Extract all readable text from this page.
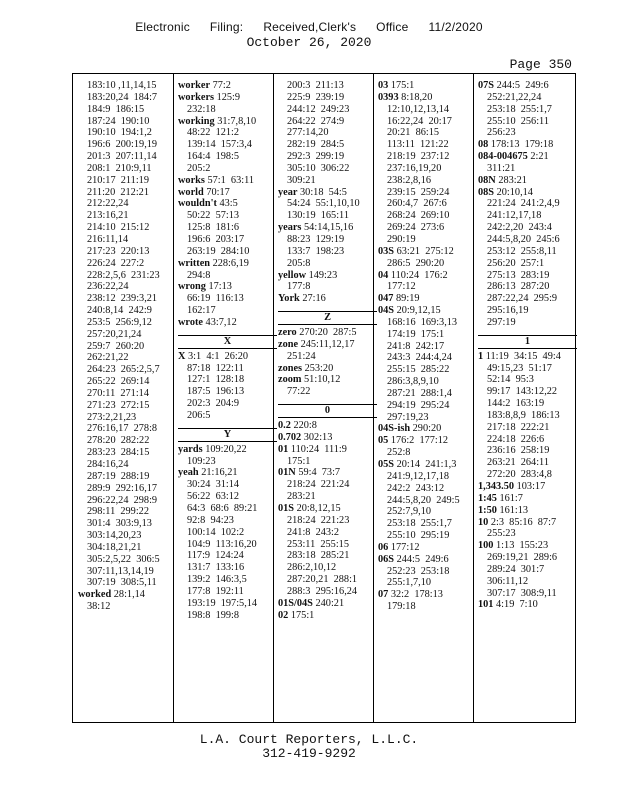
Electronic Filing: Received,Clerk's Office 11/2/2020
October 26, 2020
Page 350
183:10 ,11,14,15
183:20,24  184:7
184:9  186:15
187:24  190:10
190:10  194:1,2
196:6  200:19,19
201:3  207:11,14
208:1  210:9,11
210:17  211:19
211:20  212:21
212:22,24
213:16,21
214:10  215:12
216:11,14
217:23  220:13
226:24  227:2
228:2,5,6  231:23
236:22,24
238:12  239:3,21
240:8,14  242:9
253:5  256:9,12
257:20,21,24
259:7  260:20
262:21,22
264:23  265:2,5,7
265:22  269:14
270:11  271:14
271:23  272:15
273:2,21,23
276:16,17  278:8
278:20  282:22
283:23  284:15
284:16,24
287:19  288:19
289:9  292:16,17
296:22,24  298:9
298:11  299:22
301:4  303:9,13
303:14,20,23
304:18,21,21
305:2,5,22  306:5
307:11,13,14,19
307:19  308:5,11
worked 28:1,14
38:12
worker 77:2
workers 125:9
232:18
working 31:7,8,10
48:22  121:2
139:14  157:3,4
164:4  198:5
205:2
works 57:1  63:11
world 70:17
wouldn't 43:5
50:22  57:13
125:8  181:6
196:6  203:17
263:19  284:10
written 228:6,19
294:8
wrong 17:13
66:19  116:13
162:17
wrote 43:7,12
X
X 3:1  4:1  26:20
87:18  122:11
127:1  128:18
187:5  196:13
202:3  204:9
206:5
Y
yards 109:20,22
109:23
yeah 21:16,21
30:24  31:14
56:22  63:12
64:3  68:6  89:21
92:8  94:23
100:14  102:2
104:9  113:16,20
117:9  124:24
131:7  133:16
139:2  146:3,5
177:8  192:11
193:19  197:5,14
198:8  199:8
200:3  211:13
225:9  239:19
244:12  249:23
264:22  274:9
277:14,20
282:19  284:5
292:3  299:19
305:10  306:22
309:21
year 30:18  54:5
54:24  55:1,10,10
130:19  165:11
years 54:14,15,16
88:23  129:19
133:7  198:23
205:8
yellow 149:23
177:8
York 27:16
Z
zero 270:20  287:5
zone 245:11,12,17
251:24
zones 253:20
zoom 51:10,12
77:22
0
0.2 220:8
0.702 302:13
01 110:24  111:9
175:1
01N 59:4  73:7
218:24  221:24
283:21
01S 20:8,12,15
218:24  221:23
241:8  243:2
253:11  255:15
283:18  285:21
286:2,10,12
287:20,21  288:1
288:3  295:16,24
01S/04S 240:21
02 175:1
03 175:1
0393 8:18,20
12:10,12,13,14
16:22,24  20:17
20:21  86:15
113:11  121:22
218:19  237:12
237:16,19,20
238:2,8,16
239:15  259:24
260:4,7  267:6
268:24  269:10
269:24  273:6
290:19
03S 63:21  275:12
286:5  290:20
04 110:24  176:2
177:12
047 89:19
04S 20:9,12,15
168:16  169:3,13
174:19  175:1
241:8  242:17
243:3  244:4,24
255:15  285:22
286:3,8,9,10
287:21  288:1,4
294:19  295:24
297:19,23
04S-ish 290:20
05 176:2  177:12
252:8
05S 20:14  241:1,3
241:9,12,17,18
242:2  243:12
244:5,8,20  249:5
252:7,9,10
253:18  255:1,7
255:10  295:19
06 177:12
06S 244:5  249:6
252:23  253:18
255:1,7,10
07 32:2  178:13
179:18
07S 244:5  249:6
252:21,22,24
253:18  255:1,7
255:10  256:11
256:23
08 178:13  179:18
084-004675 2:21
311:21
08N 283:21
08S 20:10,14
221:24  241:2,4,9
241:12,17,18
242:2,20  243:4
244:5,8,20  245:6
253:12  255:8,11
256:20  257:1
275:13  283:19
286:13  287:20
287:22,24  295:9
295:16,19
297:19
1
1 11:19  34:15  49:4
49:15,23  51:17
52:14  95:3
99:17  143:12,22
144:2  163:19
183:8,8,9  186:13
217:18  222:21
224:18  226:6
236:16  258:19
263:21  264:11
272:20  283:4,8
1,343.50 103:17
1:45 161:7
1:50 161:13
10 2:3  85:16  87:7
255:23
100 1:13  155:23
269:19,21  289:6
289:24  301:7
306:11,12
307:17  308:9,11
101 4:19  7:10
L.A. Court Reporters, L.L.C.
312-419-9292
